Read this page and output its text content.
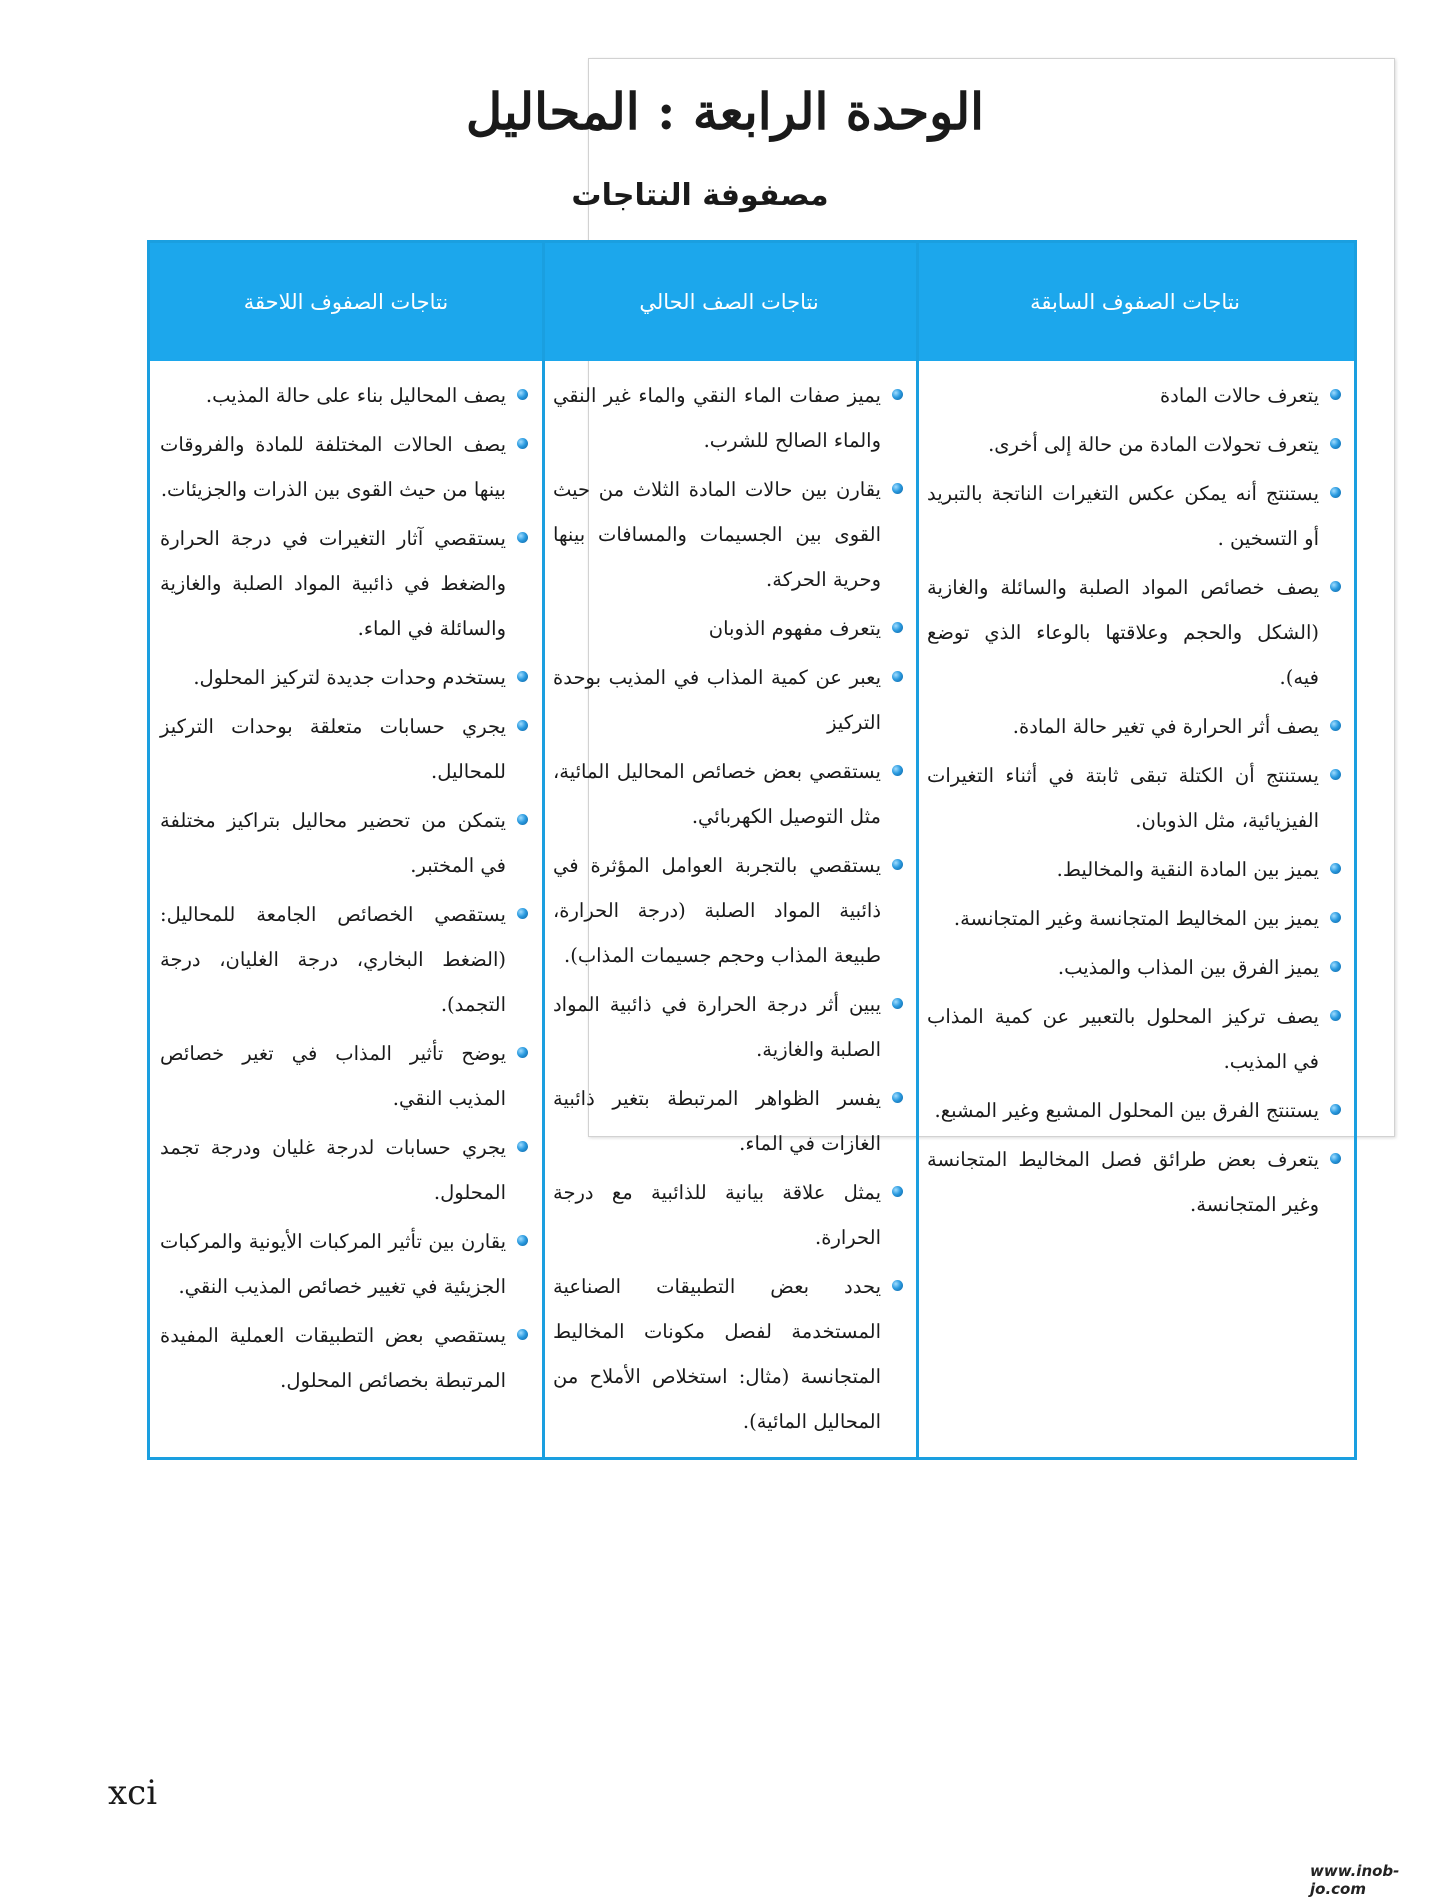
الوحدة الرابعة : المحاليل
مصفوفة النتاجات
نتاجات الصفوف اللاحقة	نتاجات الصف الحالي	نتاجات الصفوف السابقة
يصف المحاليل بناء على حالة المذيب.
يصف الحالات المختلفة للمادة والفروقات بينها من حيث القوى بين الذرات والجزيئات.
يستقصي آثار التغيرات في درجة الحرارة والضغط في ذائبية المواد الصلبة والغازية والسائلة في الماء.
يستخدم وحدات جديدة لتركيز المحلول.
يجري حسابات متعلقة بوحدات التركيز للمحاليل.
يتمكن من تحضير محاليل بتراكيز مختلفة في المختبر.
يستقصي الخصائص الجامعة للمحاليل: (الضغط البخاري، درجة الغليان، درجة التجمد).
يوضح تأثير المذاب في تغير خصائص المذيب النقي.
يجري حسابات لدرجة غليان ودرجة تجمد المحلول.
يقارن بين تأثير المركبات الأيونية والمركبات الجزيئية في تغيير خصائص المذيب النقي.
يستقصي بعض التطبيقات العملية المفيدة المرتبطة بخصائص المحلول.
يميز صفات الماء النقي والماء غير النقي والماء الصالح للشرب.
يقارن بين حالات المادة الثلاث من حيث القوى بين الجسيمات والمسافات بينها وحرية الحركة.
يتعرف مفهوم الذوبان
يعبر عن كمية المذاب في المذيب بوحدة التركيز
يستقصي بعض خصائص المحاليل المائية، مثل التوصيل الكهربائي.
يستقصي بالتجربة العوامل المؤثرة في ذائبية المواد الصلبة (درجة الحرارة، طبيعة المذاب وحجم جسيمات المذاب).
يبين أثر درجة الحرارة في ذائبية المواد الصلبة والغازية.
يفسر الظواهر المرتبطة بتغير ذائبية الغازات في الماء.
يمثل علاقة بيانية للذائبية مع درجة الحرارة.
يحدد بعض التطبيقات الصناعية المستخدمة لفصل مكونات المخاليط المتجانسة (مثال: استخلاص الأملاح من المحاليل المائية).
يتعرف حالات المادة
يتعرف تحولات المادة من حالة إلى أخرى.
يستنتج أنه يمكن عكس التغيرات الناتجة بالتبريد أو التسخين .
يصف خصائص المواد الصلبة والسائلة والغازية (الشكل والحجم وعلاقتها بالوعاء الذي توضع فيه).
يصف أثر الحرارة في تغير حالة المادة.
يستنتج أن الكتلة تبقى ثابتة في أثناء التغيرات الفيزيائية، مثل الذوبان.
يميز بين المادة النقية والمخاليط.
يميز بين المخاليط المتجانسة وغير المتجانسة.
يميز الفرق بين المذاب والمذيب.
يصف تركيز المحلول بالتعبير عن كمية المذاب في المذيب.
يستنتج الفرق بين المحلول المشبع وغير المشبع.
يتعرف بعض طرائق فصل المخاليط المتجانسة وغير المتجانسة.
xci
www.inob-jo.com
